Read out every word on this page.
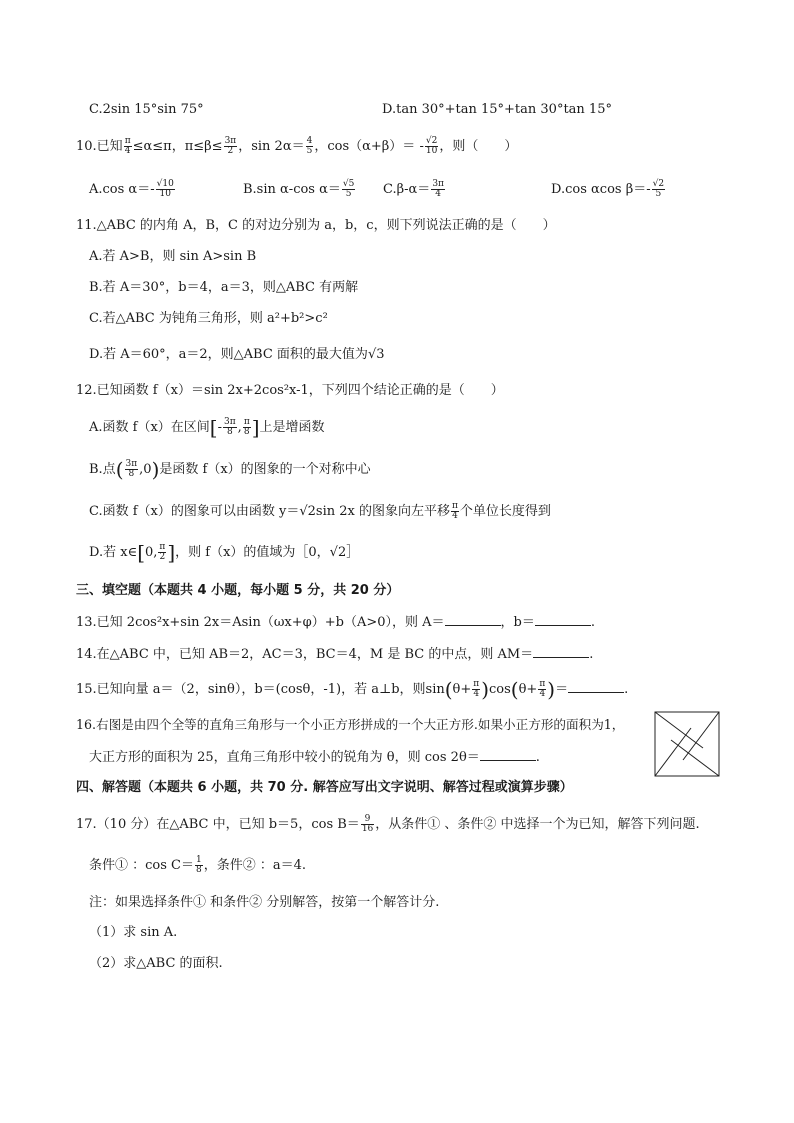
C.2sin 15°sin 75°	D.tan 30°+tan 15°+tan 30°tan 15°
10.已知 $\frac{\pi}{4} \le\alpha\le\pi$，$\pi\le\beta\le \frac{3\pi}{2}$ ，$\sin 2\alpha= \frac{4}{5}$ ，$\cos(\alpha+\beta)= - \frac{√2}{10}$ ，则（　　）
A.cos $\alpha=- \frac{√10}{10}$	B.sin α-cos $\alpha= \frac{√5}{5} C.\beta-\alpha= \frac{3\pi}{4}$	D.cos αcos $\beta=- \frac{√2}{5}$
11.△ABC 的内角 A，B，C 的对边分别为 a，b，c，则下列说法正确的是（　　）
A.若 A>B，则 sin A>sin B
B.若 A＝30°，b＝4，a＝3，则△ABC 有两解
C.若△ABC 为钝角三角形，则 a²+b²>c²
D.若 A＝60°，a＝2，则△ABC 面积的最大值为√3
12.已知函数 f（x）＝sin 2x+2cos²x-1，下列四个结论正确的是（　　）
A.函数 f（x）在区间[- $\frac{3\pi}{8}$ , $\frac{\pi}{8}$ ]上是增函数
B.点( $\frac{3\pi}{8} ,0$)是函数 f（x）的图象的一个对称中心
C.函数 f（x）的图象可以由函数 y＝√2sin 2x 的图象向左平移 $\frac{\pi}{4}$ 个单位长度得到
D.若 x∈[0, $\frac{\pi}{2}$ ]，则 f（x）的值域为［0，√2］
三、填空题（本题共 4 小题，每小题 5 分，共 20 分）
13.已知 2cos²x+sin 2x＝Asin（ωx+φ）+b（A>0），则 A＝	，b＝	.
14.在△ABC 中，已知 AB＝2，AC＝3，BC＝4，M 是 BC 的中点，则 AM＝	.
15.已知向量 a＝（2，sinθ），b＝(cosθ，-1)，若 a⊥b，则$\sin(\theta+ \frac{\pi}{4} )\cos(\theta+ \frac{\pi}{4}$ )＝	.
16.右图是由四个全等的直角三角形与一个小正方形拼成的一个大正方形.如果小正方形的面积为1，
大正方形的面积为 25，直角三角形中较小的锐角为 θ，则 cos 2θ＝	.
四、解答题（本题共 6 小题，共 70 分. 解答应写出文字说明、解答过程或演算步骤）
17.（10 分）在△ABC 中，已知 b＝5，$\cos B= \frac{9}{16}$ ，从条件① 、条件② 中选择一个为已知，解答下列问题.
条件① ：$\cos C= \frac{1}{8}$ ，条件② ：a＝4.
注：如果选择条件① 和条件② 分别解答，按第一个解答计分.
（1）求 sin A.
（2）求△ABC 的面积.
